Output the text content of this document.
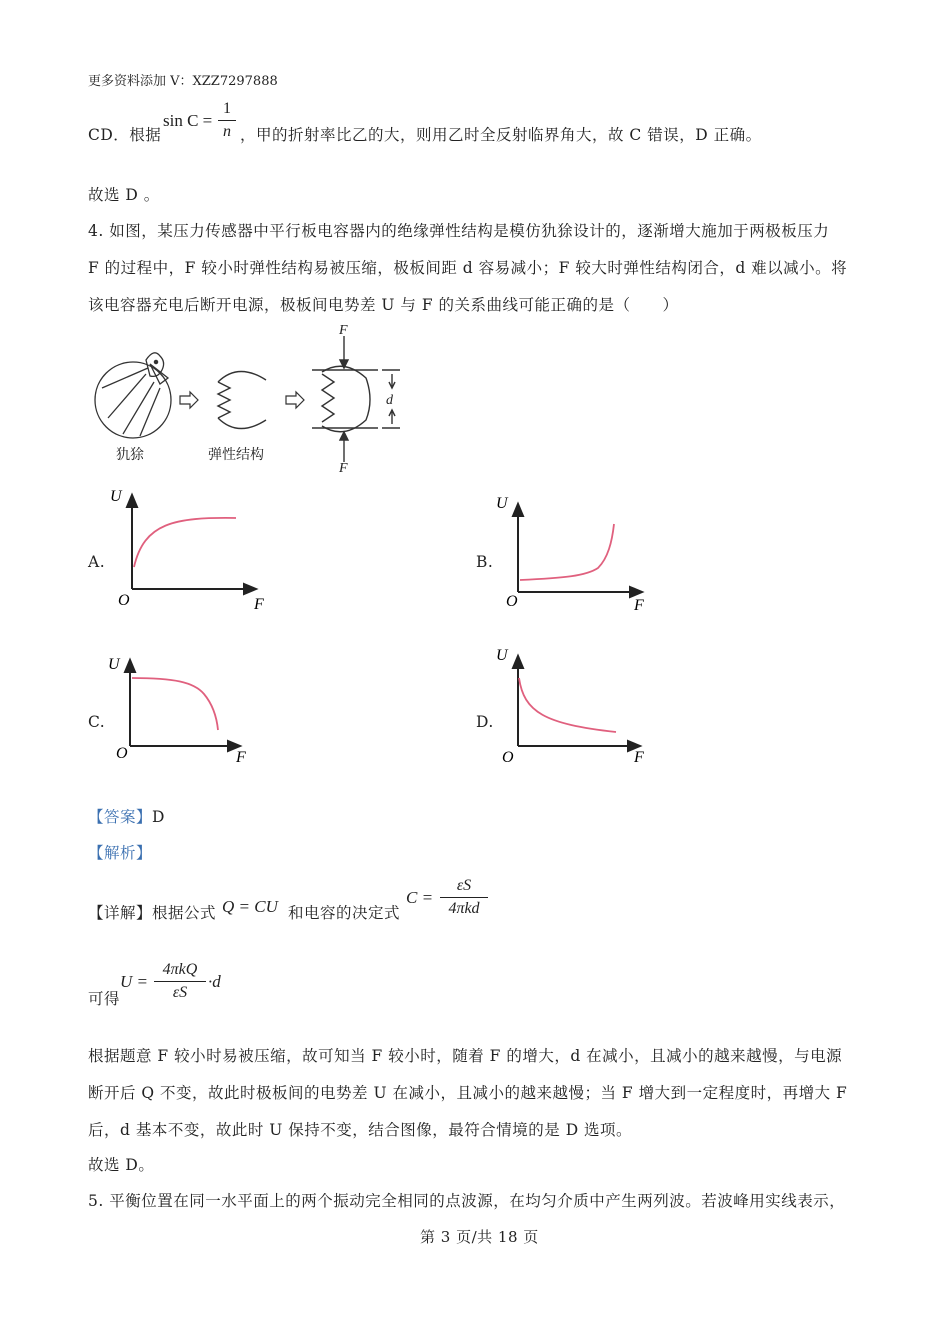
更多资料添加 V：XZZ7297888
CD．根据
sin C =
1
n ，甲的折射率比乙的大，则用乙时全反射临界角大，故 C 错误，D 正确。
故选 D 。
4. 如图，某压力传感器中平行板电容器内的绝缘弹性结构是模仿犰狳设计的，逐渐增大施加于两极板压力
F 的过程中，F 较小时弹性结构易被压缩，极板间距 d 容易减小；F 较大时弹性结构闭合，d 难以减小。将
该电容器充电后断开电源，极板间电势差 U 与 F 的关系曲线可能正确的是（　　）
犰狳	弹性结构
F
F
d
A.
U
F
O
B.
U
F
O
C.
U
F
O
D.
U
F
O
【答案】D
【解析】
【详解】根据公式 Q = CU 和电容的决定式
C =
εS
4πkd
可得
U =
4πkQ
εS
·d
根据题意 F 较小时易被压缩，故可知当 F 较小时，随着 F 的增大，d 在减小，且减小的越来越慢，与电源
断开后 Q 不变，故此时极板间的电势差 U 在减小，且减小的越来越慢；当 F 增大到一定程度时，再增大 F
后，d 基本不变，故此时 U 保持不变，结合图像，最符合情境的是 D 选项。
故选 D。
5. 平衡位置在同一水平面上的两个振动完全相同的点波源，在均匀介质中产生两列波。若波峰用实线表示，
第 3 页/共 18 页
